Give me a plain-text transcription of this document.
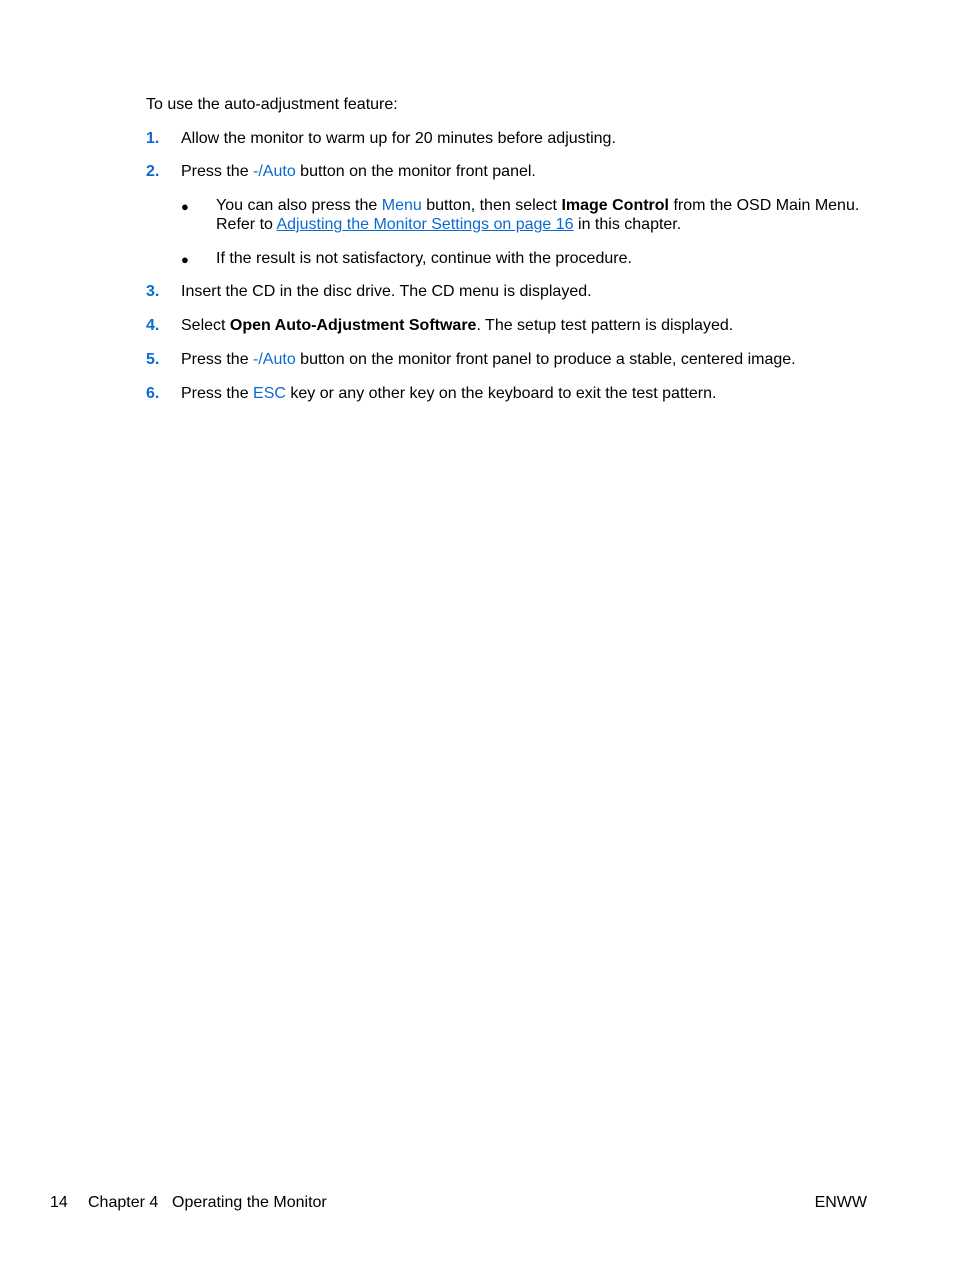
To use the auto-adjustment feature:
1. Allow the monitor to warm up for 20 minutes before adjusting.
2. Press the -/Auto button on the monitor front panel.
● You can also press the Menu button, then select Image Control from the OSD Main Menu.
Refer to Adjusting the Monitor Settings on page 16 in this chapter.
● If the result is not satisfactory, continue with the procedure.
3. Insert the CD in the disc drive. The CD menu is displayed.
4. Select Open Auto-Adjustment Software. The setup test pattern is displayed.
5. Press the -/Auto button on the monitor front panel to produce a stable, centered image.
6. Press the ESC key or any other key on the keyboard to exit the test pattern.
14 Chapter 4 Operating the Monitor	ENWW
